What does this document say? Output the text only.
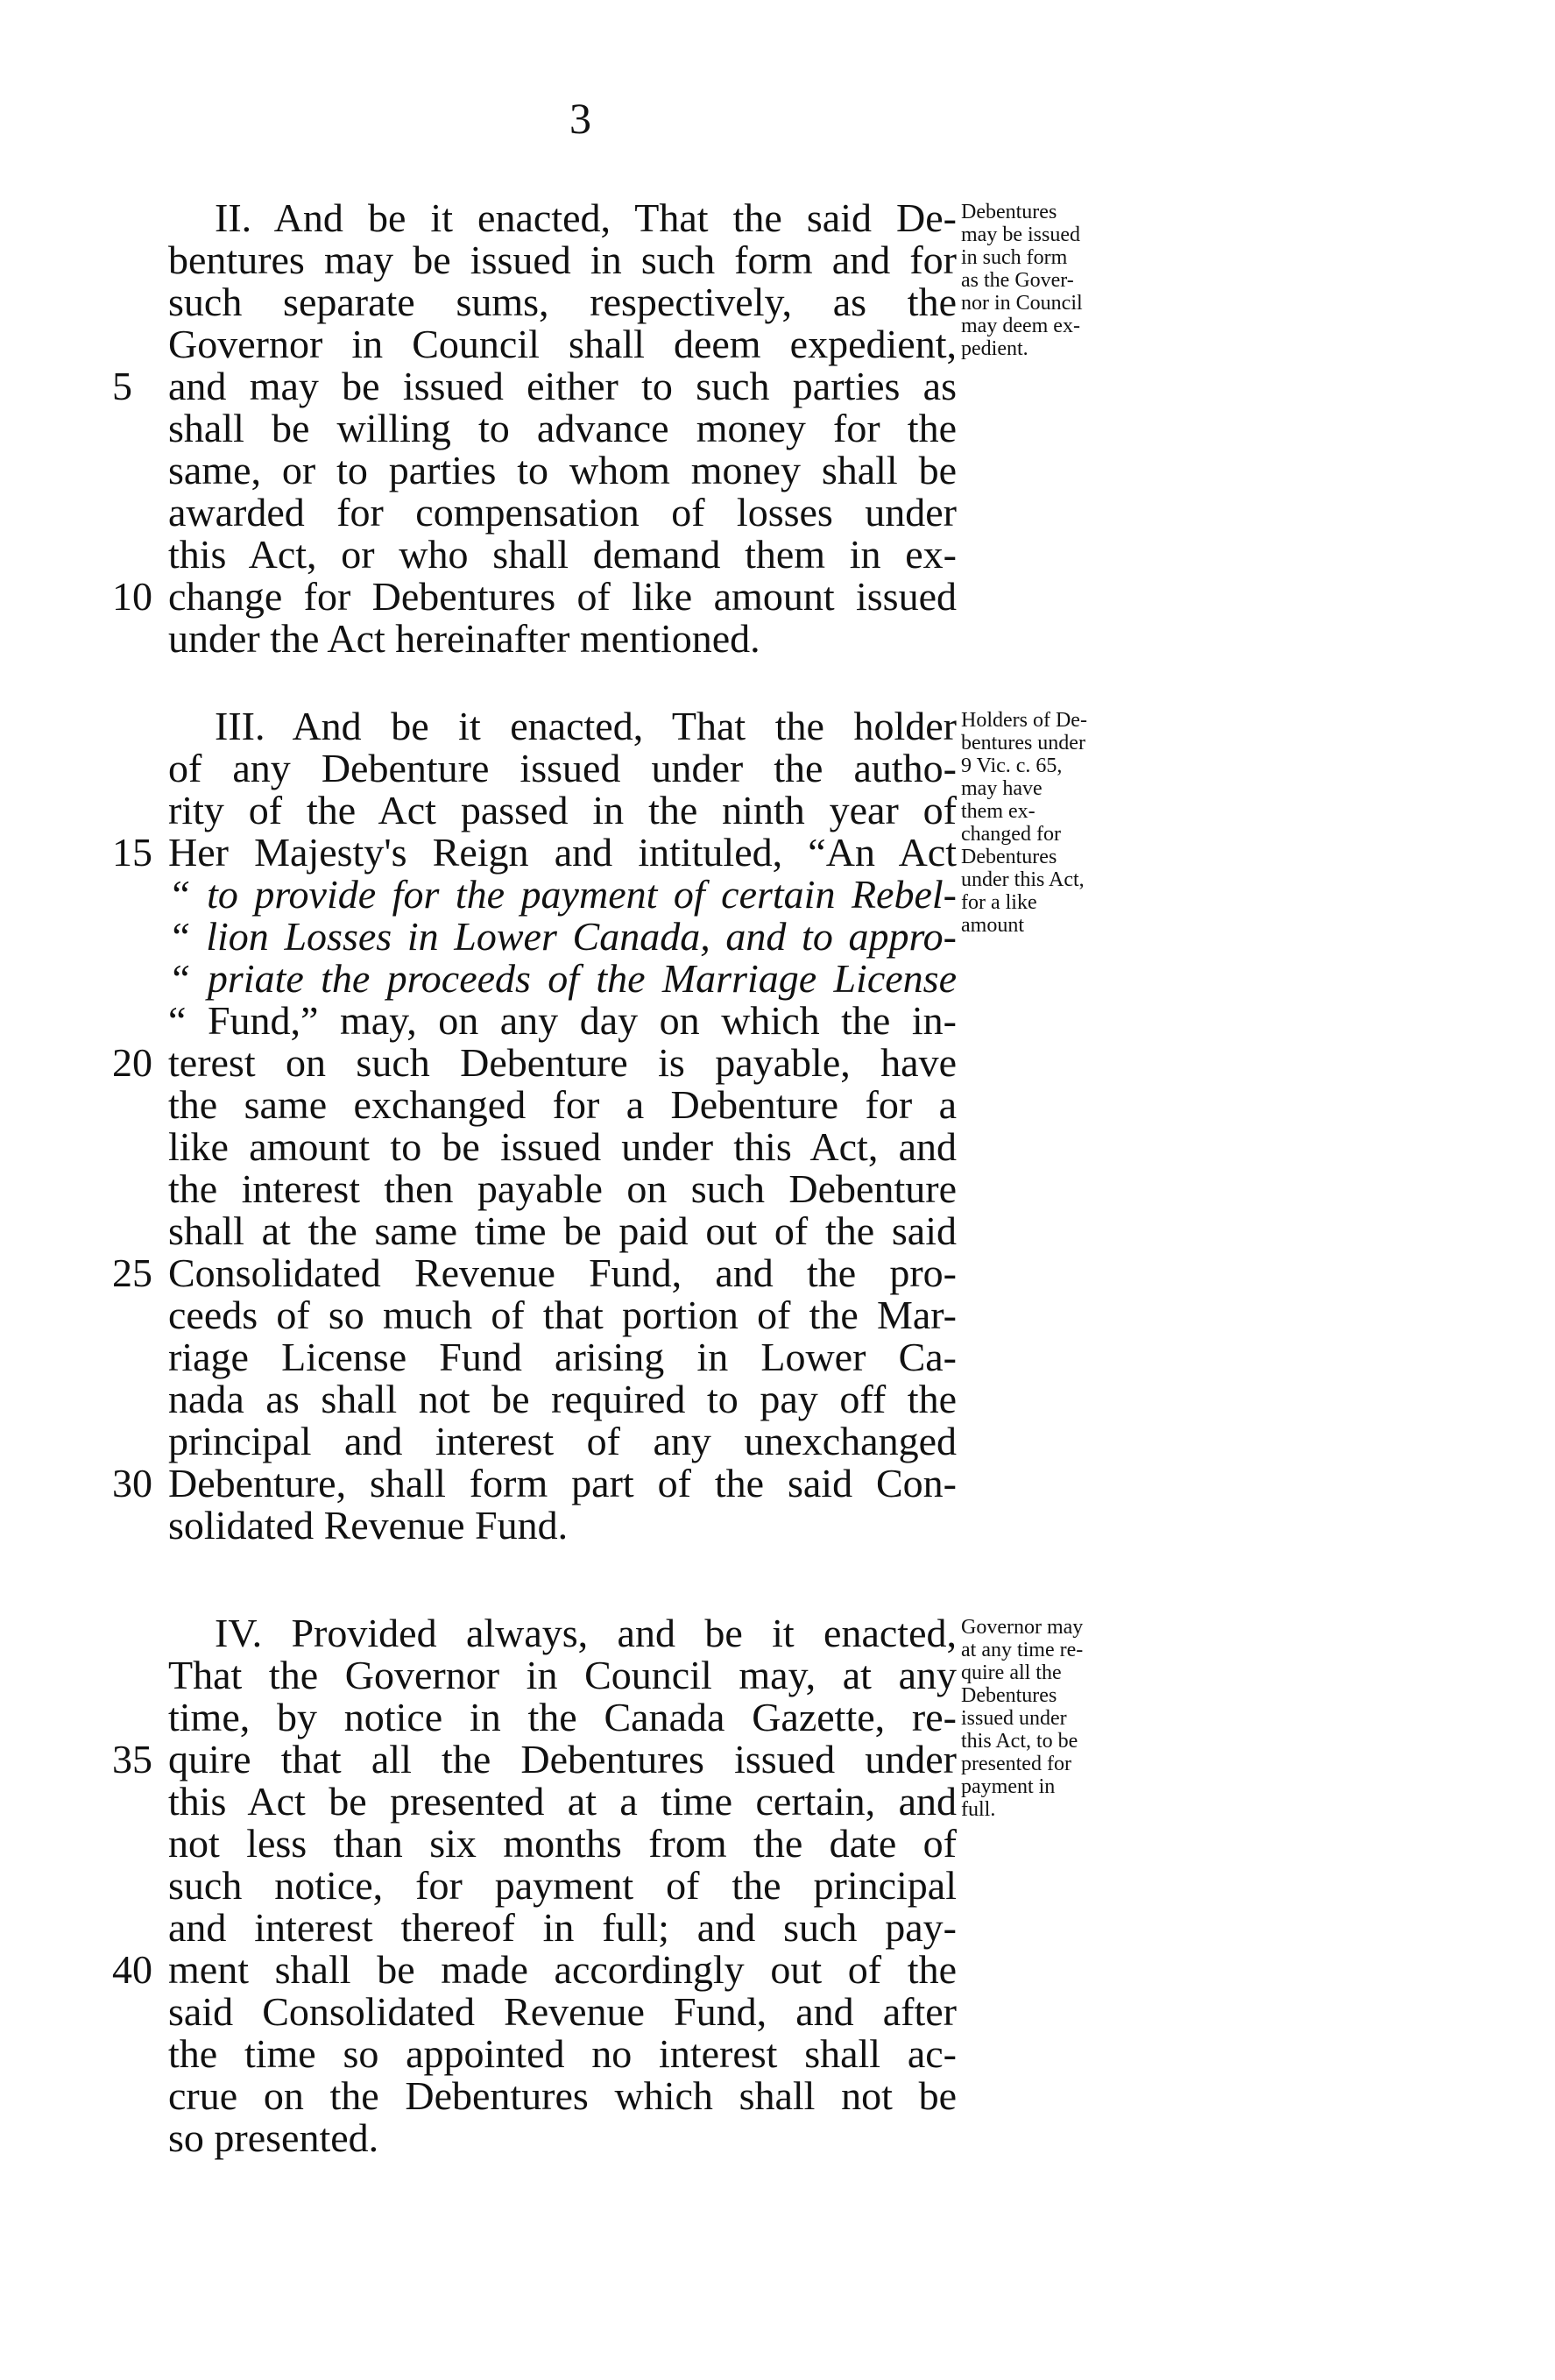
3
II. And be it enacted, That the said De-
bentures may be issued in such form and for
such separate sums, respectively, as the
Governor in Council shall deem expedient,
and may be issued either to such parties as
5
shall be willing to advance money for the
same, or to parties to whom money shall be
awarded for compensation of losses under
this Act, or who shall demand them in ex-
change for Debentures of like amount issued
10
under the Act hereinafter mentioned.
Debentures
may be issued
in such form
as the Gover-
nor in Council
may deem ex-
pedient.
III. And be it enacted, That the holder
of any Debenture issued under the autho-
rity of the Act passed in the ninth year of
Her Majesty's Reign and intituled, “An Act
15
“ to provide for the payment of certain Rebel-
“ lion Losses in Lower Canada, and to appro-
“ priate the proceeds of the Marriage License
“ Fund,” may, on any day on which the in-
terest on such Debenture is payable, have
20
the same exchanged for a Debenture for a
like amount to be issued under this Act, and
the interest then payable on such Debenture
shall at the same time be paid out of the said
Consolidated Revenue Fund, and the pro-
25
ceeds of so much of that portion of the Mar-
riage License Fund arising in Lower Ca-
nada as shall not be required to pay off the
principal and interest of any unexchanged
Debenture, shall form part of the said Con-
30
solidated Revenue Fund.
Holders of De-
bentures under
9 Vic. c. 65,
may have
them ex-
changed for
Debentures
under this Act,
for a like
amount
IV. Provided always, and be it enacted,
That the Governor in Council may, at any
time, by notice in the Canada Gazette, re-
quire that all the Debentures issued under
35
this Act be presented at a time certain, and
not less than six months from the date of
such notice, for payment of the principal
and interest thereof in full; and such pay-
ment shall be made accordingly out of the
40
said Consolidated Revenue Fund, and after
the time so appointed no interest shall ac-
crue on the Debentures which shall not be
so presented.
Governor may
at any time re-
quire all the
Debentures
issued under
this Act, to be
presented for
payment in
full.
